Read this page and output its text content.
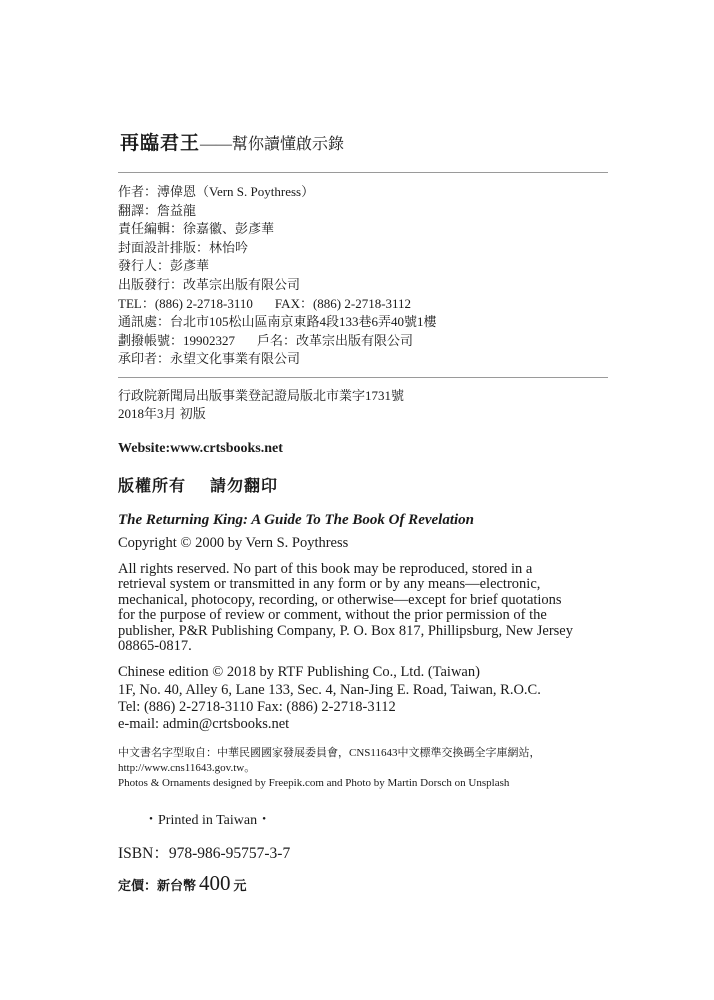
再臨君王——幫你讀懂啟示錄
作者：溥偉恩（Vern S. Poythress）
翻譯：詹益龍
責任編輯：徐嘉徽、彭彥華
封面設計排版：林怡吟
發行人：彭彥華
出版發行：改革宗出版有限公司
TEL：(886) 2-2718-3110 FAX：(886) 2-2718-3112
通訊處：台北市105松山區南京東路4段133巷6弄40號1樓
劃撥帳號：19902327 戶名：改革宗出版有限公司
承印者：永望文化事業有限公司
行政院新聞局出版事業登記證局版北市業字1731號
2018年3月 初版
Website:www.crtsbooks.net
版權所有 請勿翻印
The Returning King: A Guide To The Book Of Revelation
Copyright © 2000 by Vern S. Poythress
All rights reserved. No part of this book may be reproduced, stored in a
retrieval system or transmitted in any form or by any means—electronic,
mechanical, photocopy, recording, or otherwise—except for brief quotations
for the purpose of review or comment, without the prior permission of the
publisher, P&R Publishing Company, P. O. Box 817, Phillipsburg, New Jersey
08865-0817.
Chinese edition © 2018 by RTF Publishing Co., Ltd. (Taiwan)
1F, No. 40, Alley 6, Lane 133, Sec. 4, Nan-Jing E. Road, Taiwan, R.O.C.
Tel: (886) 2-2718-3110 Fax: (886) 2-2718-3112
e-mail: admin@crtsbooks.net
中文書名字型取自：中華民國國家發展委員會，CNS11643中文標準交換碼全字庫網站，
http://www.cns11643.gov.tw。
Photos & Ornaments designed by Freepik.com and Photo by Martin Dorsch on Unsplash
・Printed in Taiwan・
ISBN：978-986-95757-3-7
定價：新台幣 400 元
